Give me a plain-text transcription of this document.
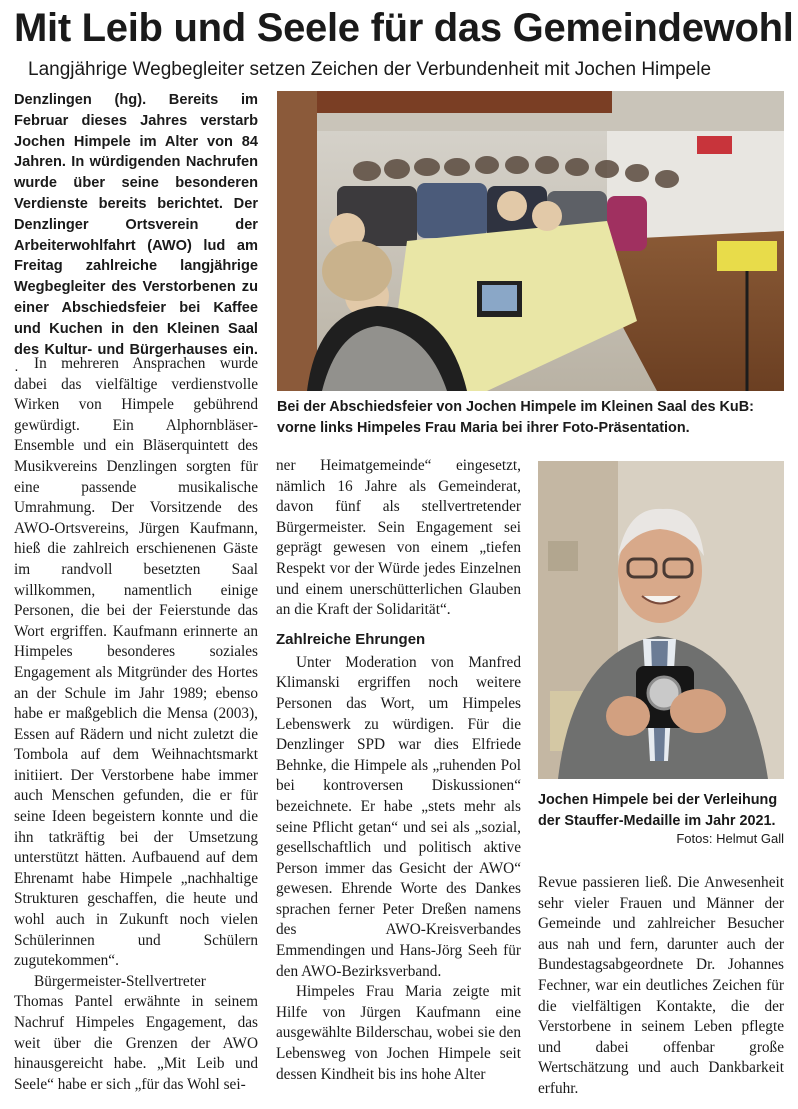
Mit Leib und Seele für das Gemeindewohl
Langjährige Wegbegleiter setzen Zeichen der Verbundenheit mit Jochen Himpele
Denzlingen (hg). Bereits im Februar dieses Jahres verstarb Jochen Himpele im Alter von 84 Jahren. In würdigenden Nachrufen wurde über seine besonderen Verdienste bereits berichtet. Der Denzlinger Ortsverein der Arbeiterwohlfahrt (AWO) lud am Freitag zahlreiche langjährige Wegbegleiter des Verstorbenen zu einer Abschiedsfeier bei Kaffee und Kuchen in den Kleinen Saal des Kultur- und Bürgerhauses ein. · In mehreren Ansprachen wurde dabei das vielfältige verdienstvolle Wirken von Himpele gebührend gewürdigt. Ein Alphornbläser-Ensemble und ein Bläserquintett des Musikvereins Denzlingen sorgten für eine passende musikalische Umrahmung. Der Vorsitzende des AWO-Ortsvereins, Jürgen Kaufmann, hieß die zahlreich erschienenen Gäste im randvoll besetzten Saal willkommen, namentlich einige Personen, die bei der Feierstunde das Wort ergriffen. Kaufmann erinnerte an Himpeles besonderes soziales Engagement als Mitgründer des Hortes an der Schule im Jahr 1989; ebenso habe er maßgeblich die Mensa (2003), Essen auf Rädern und nicht zuletzt die Tombola auf dem Weihnachtsmarkt initiiert. Der Verstorbene habe immer auch Menschen gefunden, die er für seine Ideen begeistern konnte und die ihn tatkräftig bei der Umsetzung unterstützt hätten. Aufbauend auf dem Ehrenamt habe Himpele „nachhaltige Strukturen geschaffen, die heute und wohl auch in Zukunft noch vielen Schülerinnen und Schülern zugutekommen“.

Bürgermeister-Stellvertreter Thomas Pantel erwähnte in seinem Nachruf Himpeles Engagement, das weit über die Grenzen der AWO hinausgereicht habe. „Mit Leib und Seele“ habe er sich „für das Wohl sei-

Bei der Abschiedsfeier von Jochen Himpele im Kleinen Saal des KuB: vorne links Himpeles Frau Maria bei ihrer Foto-Präsentation.

ner Heimatgemeinde“ eingesetzt, nämlich 16 Jahre als Gemeinderat, davon fünf als stellvertretender Bürgermeister. Sein Engagement sei geprägt gewesen von einem „tiefen Respekt vor der Würde jedes Einzelnen und einem unerschütterlichen Glauben an die Kraft der Solidarität“.

Zahlreiche Ehrungen

Unter Moderation von Manfred Klimanski ergriffen noch weitere Personen das Wort, um Himpeles Lebenswerk zu würdigen. Für die Denzlinger SPD war dies Elfriede Behnke, die Himpele als „ruhenden Pol bei kontroversen Diskussionen“ bezeichnete. Er habe „stets mehr als seine Pflicht getan“ und sei als „sozial, gesellschaftlich und politisch aktive Person immer das Gesicht der AWO“ gewesen. Ehrende Worte des Dankes sprachen ferner Peter Dreßen namens des AWO-Kreisverbandes Emmendingen und Hans-Jörg Seeh für den AWO-Bezirksverband.

Himpeles Frau Maria zeigte mit Hilfe von Jürgen Kaufmann eine ausgewählte Bilderschau, wobei sie den Lebensweg von Jochen Himpele seit dessen Kindheit bis ins hohe Alter

Jochen Himpele bei der Verleihung der Stauffer-Medaille im Jahr 2021.
Fotos: Helmut Gall

Revue passieren ließ. Die Anwesenheit sehr vieler Frauen und Männer der Gemeinde und zahlreicher Besucher aus nah und fern, darunter auch der Bundestagsabgeordnete Dr. Johannes Fechner, war ein deutliches Zeichen für die vielfältigen Kontakte, die der Verstorbene in seinem Leben pflegte und dabei offenbar große Wertschätzung und auch Dankbarkeit erfuhr.
